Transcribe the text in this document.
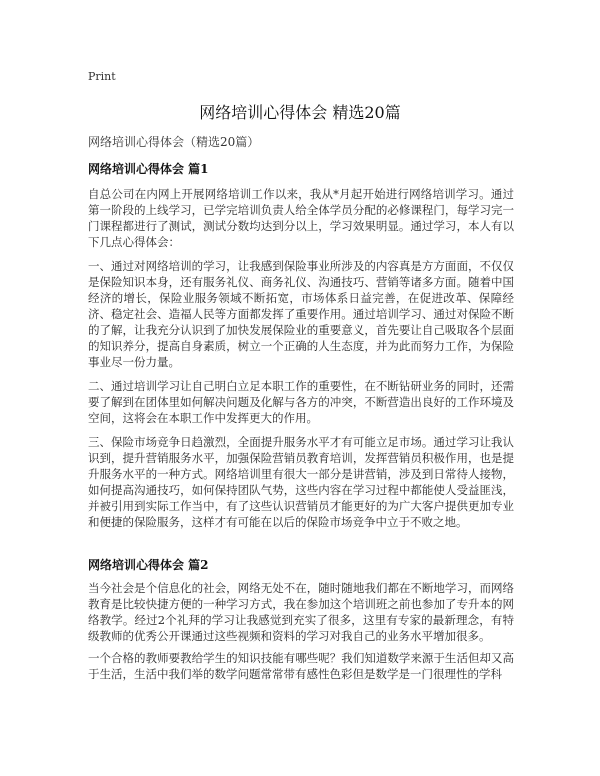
Print
网络培训心得体会 精选20篇

网络培训心得体会（精选20篇）

网络培训心得体会 篇1

自总公司在内网上开展网络培训工作以来，我从*月起开始进行网络培训学习。通过第一阶段的上线学习，已学完培训负责人给全体学员分配的必修课程门，每学习完一门课程都进行了测试，测试分数均达到分以上，学习效果明显。通过学习，本人有以下几点心得体会：

一、通过对网络培训的学习，让我感到保险事业所涉及的内容真是方方面面，不仅仅是保险知识本身，还有服务礼仪、商务礼仪、沟通技巧、营销等诸多方面。随着中国经济的增长，保险业服务领域不断拓宽，市场体系日益完善，在促进改革、保障经济、稳定社会、造福人民等方面都发挥了重要作用。通过培训学习、通过对保险不断的了解，让我充分认识到了加快发展保险业的重要意义，首先要让自己吸取各个层面的知识养分，提高自身素质，树立一个正确的人生态度，并为此而努力工作，为保险事业尽一份力量。

二、通过培训学习让自己明白立足本职工作的重要性，在不断钻研业务的同时，还需要了解到在团体里如何解决问题及化解与各方的冲突，不断营造出良好的工作环境及空间，这将会在本职工作中发挥更大的作用。

三、保险市场竞争日趋激烈，全面提升服务水平才有可能立足市场。通过学习让我认识到，提升营销服务水平，加强保险营销员教育培训，发挥营销员积极作用，也是提升服务水平的一种方式。网络培训里有很大一部分是讲营销，涉及到日常待人接物，如何提高沟通技巧，如何保持团队气势，这些内容在学习过程中都能使人受益匪浅，并被引用到实际工作当中，有了这些认识营销员才能更好的为广大客户提供更加专业和便捷的保险服务，这样才有可能在以后的保险市场竞争中立于不败之地。

网络培训心得体会 篇2

当今社会是个信息化的社会，网络无处不在，随时随地我们都在不断地学习，而网络教育是比较快捷方便的一种学习方式，我在参加这个培训班之前也参加了专升本的网络教学。经过2个礼拜的学习让我感觉到充实了很多，这里有专家的最新理念，有特级教师的优秀公开课通过这些视频和资料的学习对我自己的业务水平增加很多。

一个合格的教师要教给学生的知识技能有哪些呢？我们知道数学来源于生活但却又高于生活，生活中我们举的数学问题常常带有感性色彩但是数学是一门很理性的学科
